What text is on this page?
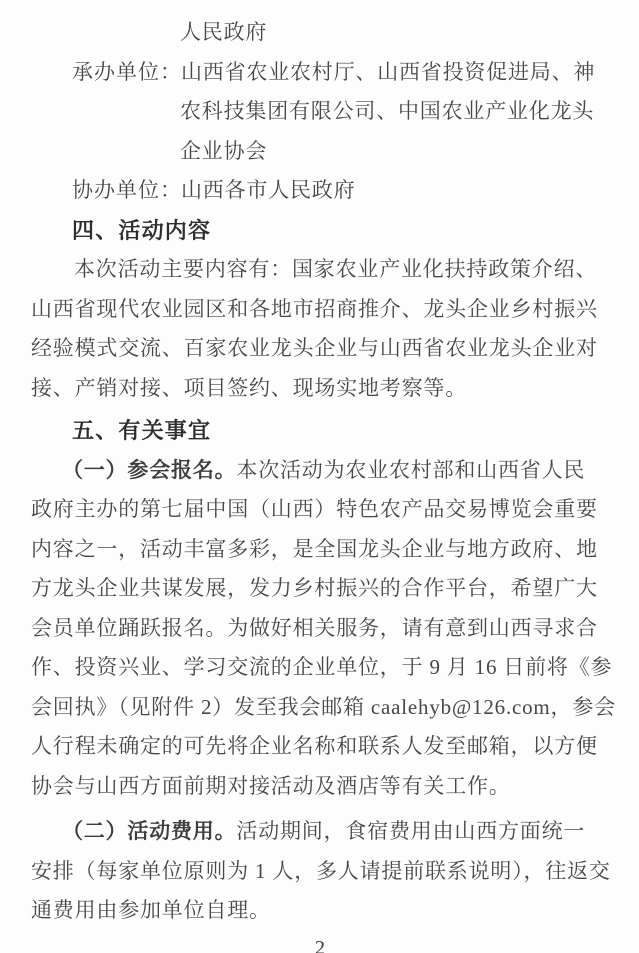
人民政府
承办单位：山西省农业农村厅、山西省投资促进局、神
农科技集团有限公司、中国农业产业化龙头
企业协会
协办单位：山西各市人民政府
四、活动内容
本次活动主要内容有：国家农业产业化扶持政策介绍、
山西省现代农业园区和各地市招商推介、龙头企业乡村振兴
经验模式交流、百家农业龙头企业与山西省农业龙头企业对
接、产销对接、项目签约、现场实地考察等。
五、有关事宜
（一）参会报名。本次活动为农业农村部和山西省人民
政府主办的第七届中国（山西）特色农产品交易博览会重要
内容之一，活动丰富多彩，是全国龙头企业与地方政府、地
方龙头企业共谋发展，发力乡村振兴的合作平台，希望广大
会员单位踊跃报名。为做好相关服务，请有意到山西寻求合
作、投资兴业、学习交流的企业单位，于 9 月 16 日前将《参
会回执》（见附件 2）发至我会邮箱 caalehyb@126.com，参会
人行程未确定的可先将企业名称和联系人发至邮箱，以方便
协会与山西方面前期对接活动及酒店等有关工作。
（二）活动费用。活动期间，食宿费用由山西方面统一
安排（每家单位原则为 1 人，多人请提前联系说明），往返交
通费用由参加单位自理。
2
